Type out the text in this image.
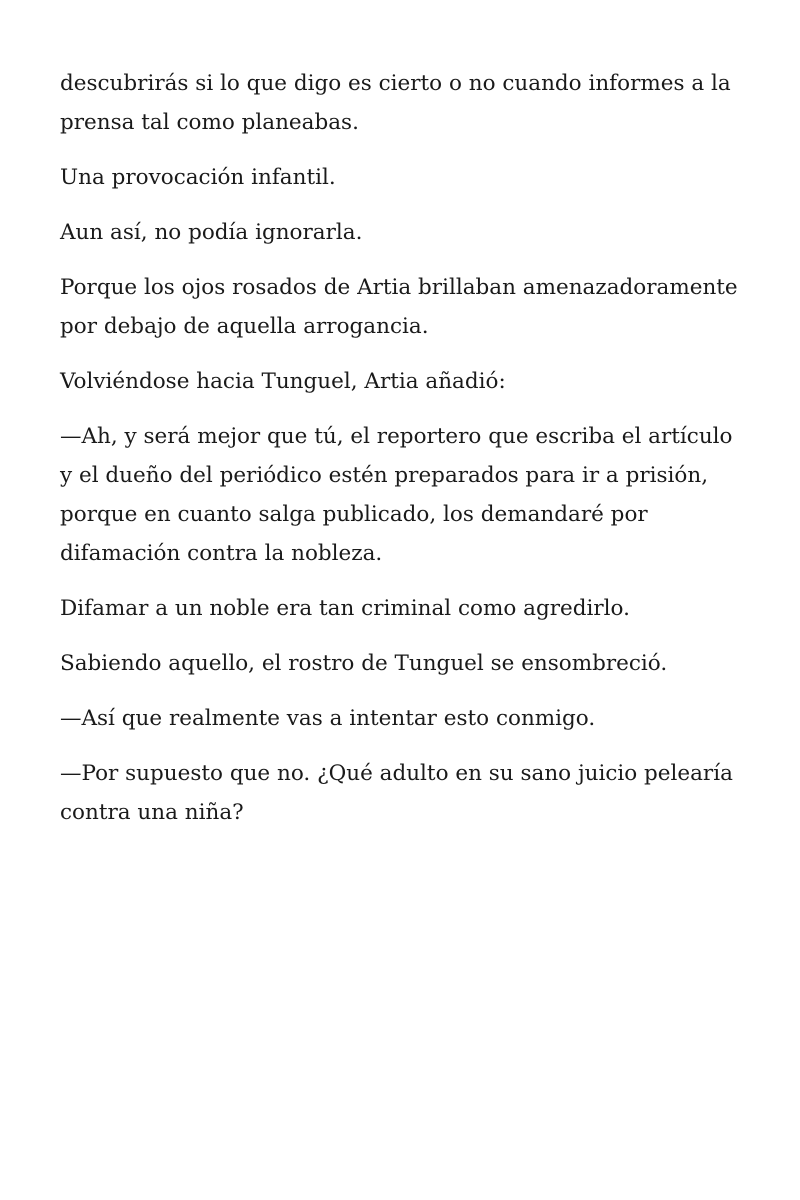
descubrirás si lo que digo es cierto o no cuando informes a la prensa tal como planeabas.

Una provocación infantil.

Aun así, no podía ignorarla.

Porque los ojos rosados de Artia brillaban amenazadoramente por debajo de aquella arrogancia.

Volviéndose hacia Tunguel, Artia añadió:

—Ah, y será mejor que tú, el reportero que escriba el artículo y el dueño del periódico estén preparados para ir a prisión, porque en cuanto salga publicado, los demandaré por difamación contra la nobleza.

Difamar a un noble era tan criminal como agredirlo.

Sabiendo aquello, el rostro de Tunguel se ensombreció.

—Así que realmente vas a intentar esto conmigo.

—Por supuesto que no. ¿Qué adulto en su sano juicio pelearía contra una niña?
